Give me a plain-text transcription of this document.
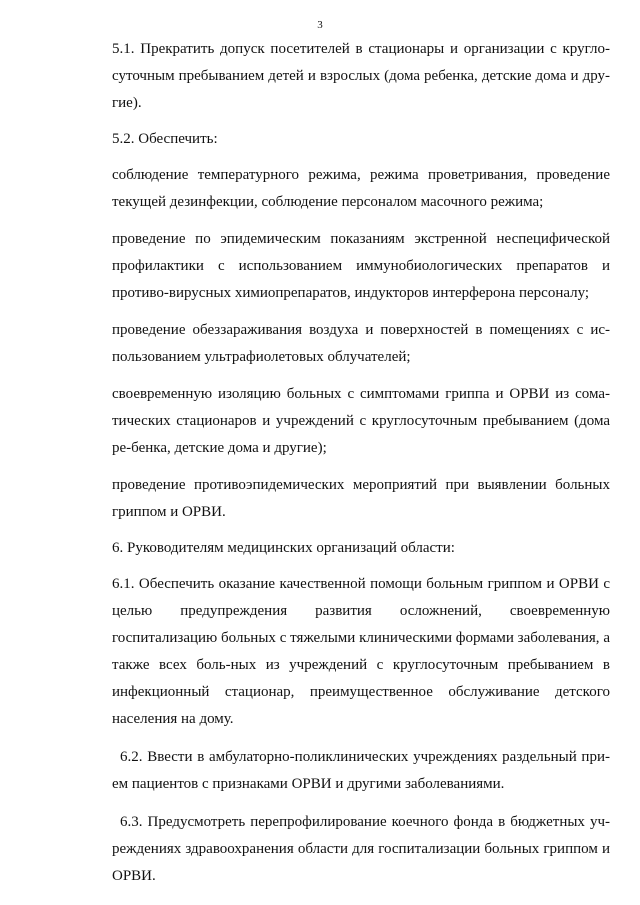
3

5.1. Прекратить допуск посетителей в стационары и организации с кругло-суточным пребыванием детей и взрослых (дома ребенка, детские дома и дру-гие).

5.2. Обеспечить:

соблюдение температурного режима, режима проветривания, проведение текущей дезинфекции, соблюдение персоналом масочного режима;

проведение по эпидемическим показаниям экстренной неспецифической профилактики с использованием иммунобиологических препаратов и противо-вирусных химиопрепаратов, индукторов интерферона персоналу;

проведение обеззараживания воздуха и поверхностей в помещениях с ис-пользованием ультрафиолетовых облучателей;

своевременную изоляцию больных с симптомами гриппа и ОРВИ из сома-тических стационаров и учреждений с круглосуточным пребыванием (дома ре-бенка, детские дома и другие);

проведение противоэпидемических мероприятий при выявлении больных гриппом и ОРВИ.

6. Руководителям медицинских организаций области:

6.1. Обеспечить оказание качественной помощи больным гриппом и ОРВИ с целью предупреждения развития осложнений, своевременную госпитализацию больных с тяжелыми клиническими формами заболевания, а также всех боль-ных из учреждений с круглосуточным пребыванием в инфекционный стационар, преимущественное обслуживание детского населения на дому.

6.2. Ввести в амбулаторно-поликлинических учреждениях раздельный при-ем пациентов с признаками ОРВИ и другими заболеваниями.

6.3. Предусмотреть перепрофилирование коечного фонда в бюджетных уч-реждениях здравоохранения области для госпитализации больных гриппом и ОРВИ.
